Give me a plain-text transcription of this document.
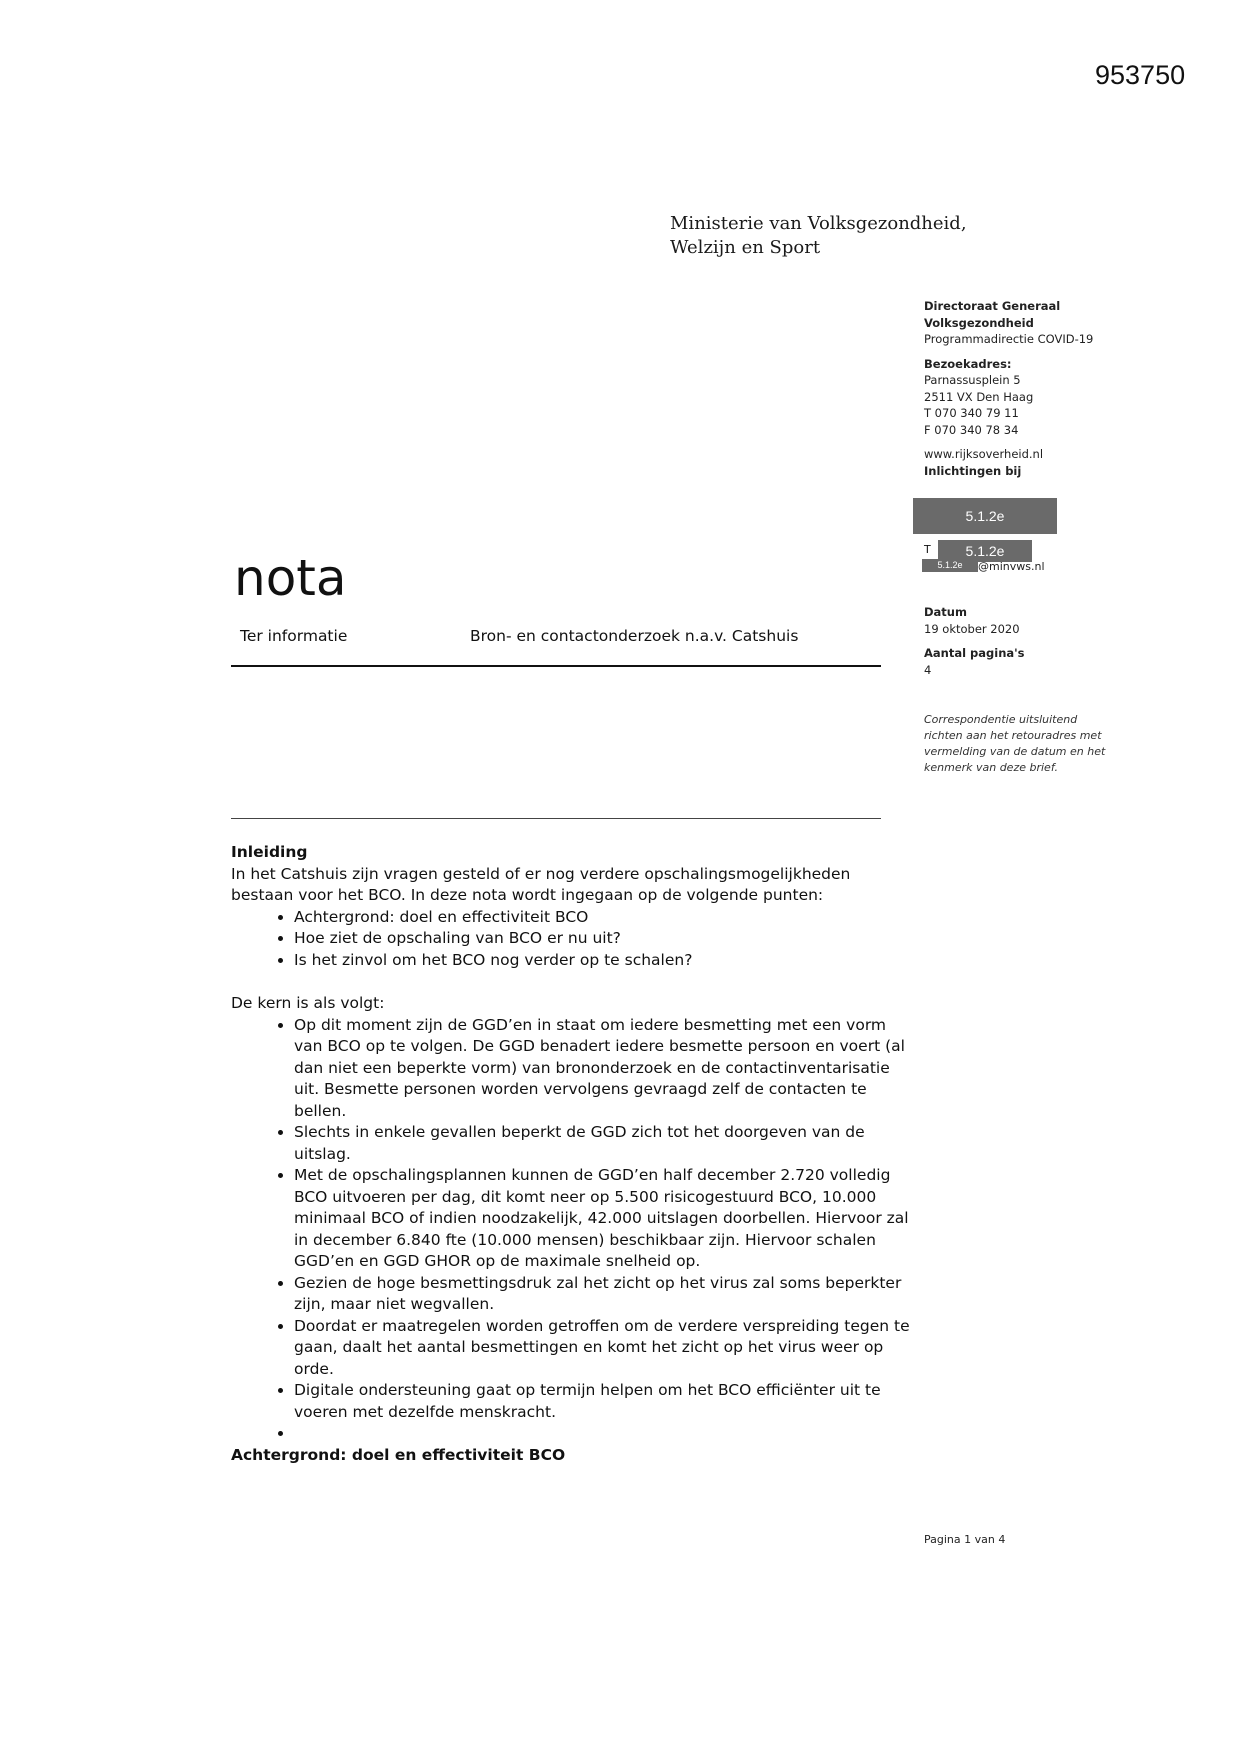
953750
Ministerie van Volksgezondheid,
Welzijn en Sport
Directoraat Generaal
Volksgezondheid
Programmadirectie COVID-19
Bezoekadres:
Parnassusplein 5
2511 VX Den Haag
T 070 340 79 11
F 070 340 78 34
www.rijksoverheid.nl
Inlichtingen bij
5.1.2e
T	5.1.2e
5.1.2e	@minvws.nl
Datum
19 oktober 2020
Aantal pagina's
4
Correspondentie uitsluitend richten aan het retouradres met vermelding van de datum en het kenmerk van deze brief.
nota
Ter informatie	Bron- en contactonderzoek n.a.v. Catshuis
Inleiding

In het Catshuis zijn vragen gesteld of er nog verdere opschalingsmogelijkheden bestaan voor het BCO. In deze nota wordt ingegaan op de volgende punten:

• Achtergrond: doel en effectiviteit BCO
• Hoe ziet de opschaling van BCO er nu uit?
• Is het zinvol om het BCO nog verder op te schalen?

De kern is als volgt:

• Op dit moment zijn de GGD’en in staat om iedere besmetting met een vorm van BCO op te volgen. De GGD benadert iedere besmette persoon en voert (al dan niet een beperkte vorm) van brononderzoek en de contactinventarisatie uit. Besmette personen worden vervolgens gevraagd zelf de contacten te bellen.
• Slechts in enkele gevallen beperkt de GGD zich tot het doorgeven van de uitslag.
• Met de opschalingsplannen kunnen de GGD’en half december 2.720 volledig BCO uitvoeren per dag, dit komt neer op 5.500 risicogestuurd BCO, 10.000 minimaal BCO of indien noodzakelijk, 42.000 uitslagen doorbellen. Hiervoor zal in december 6.840 fte (10.000 mensen) beschikbaar zijn. Hiervoor schalen GGD’en en GGD GHOR op de maximale snelheid op.
• Gezien de hoge besmettingsdruk zal het zicht op het virus zal soms beperkter zijn, maar niet wegvallen.
• Doordat er maatregelen worden getroffen om de verdere verspreiding tegen te gaan, daalt het aantal besmettingen en komt het zicht op het virus weer op orde.
• Digitale ondersteuning gaat op termijn helpen om het BCO efficiënter uit te voeren met dezelfde menskracht.
•
Achtergrond: doel en effectiviteit BCO
Pagina 1 van 4
